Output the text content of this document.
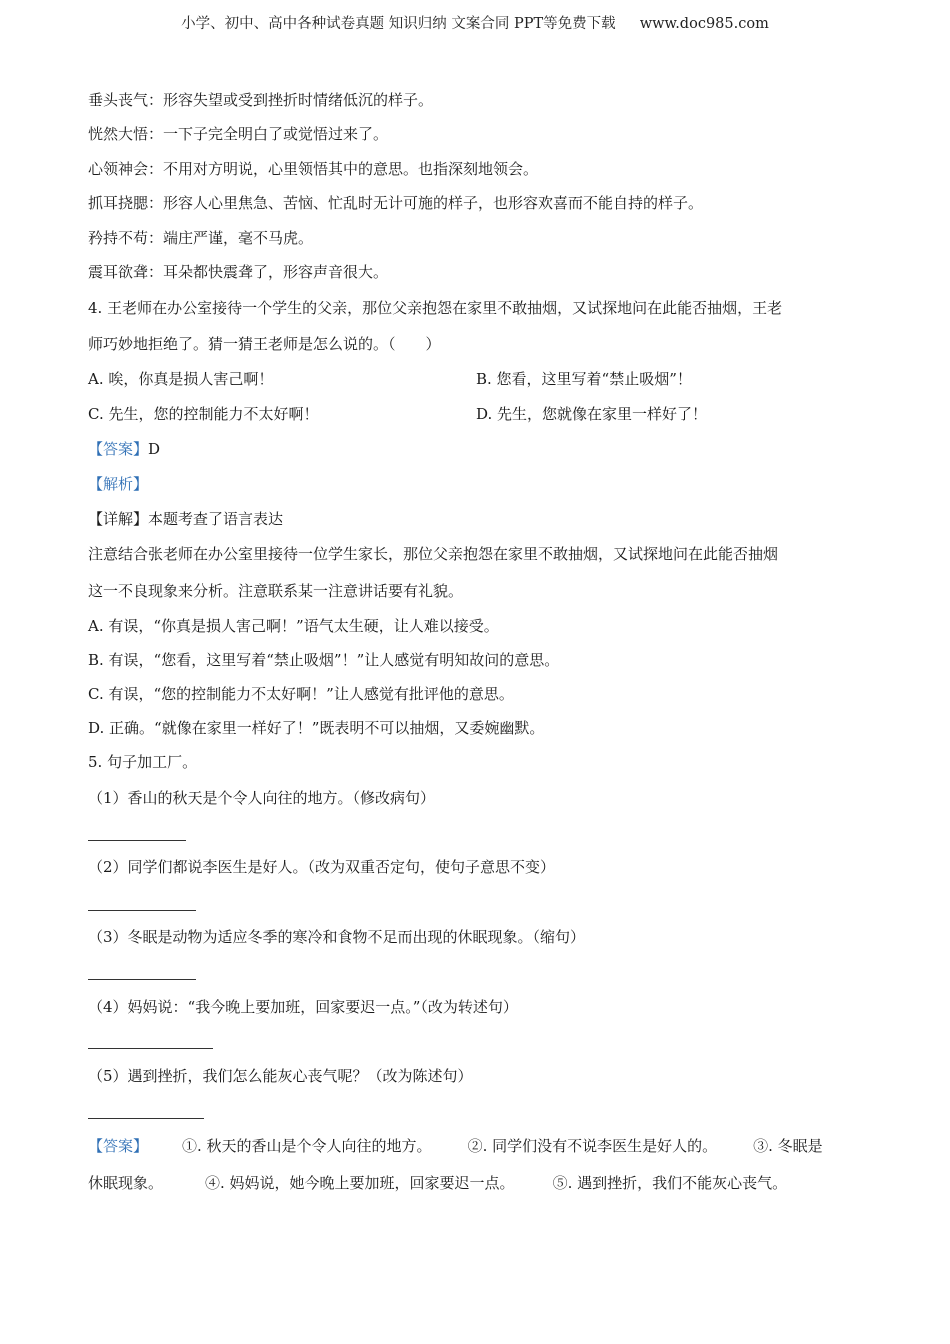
小学、初中、高中各种试卷真题 知识归纳 文案合同 PPT等免费下载 www.doc985.com
垂头丧气：形容失望或受到挫折时情绪低沉的样子。
恍然大悟：一下子完全明白了或觉悟过来了。
心领神会：不用对方明说，心里领悟其中的意思。也指深刻地领会。
抓耳挠腮：形容人心里焦急、苦恼、忙乱时无计可施的样子，也形容欢喜而不能自持的样子。
矜持不苟：端庄严谨，毫不马虎。
震耳欲聋：耳朵都快震聋了，形容声音很大。
4. 王老师在办公室接待一个学生的父亲，那位父亲抱怨在家里不敢抽烟，又试探地问在此能否抽烟，王老
师巧妙地拒绝了。猜一猜王老师是怎么说的。（　　）
A. 唉，你真是损人害己啊！	B. 您看，这里写着“禁止吸烟”！
C. 先生，您的控制能力不太好啊！	D. 先生，您就像在家里一样好了！
【答案】D
【解析】
【详解】本题考查了语言表达
注意结合张老师在办公室里接待一位学生家长，那位父亲抱怨在家里不敢抽烟，又试探地问在此能否抽烟
这一不良现象来分析。注意联系某一注意讲话要有礼貌。
A. 有误，“你真是损人害己啊！”语气太生硬，让人难以接受。
B. 有误，“您看，这里写着“禁止吸烟”！”让人感觉有明知故问的意思。
C. 有误，“您的控制能力不太好啊！”让人感觉有批评他的意思。
D. 正确。“就像在家里一样好了！”既表明不可以抽烟，又委婉幽默。
5. 句子加工厂。
（1）香山的秋天是个令人向往的地方。（修改病句）
（2）同学们都说李医生是好人。（改为双重否定句，使句子意思不变）
（3）冬眠是动物为适应冬季的寒冷和食物不足而出现的休眠现象。（缩句）
（4）妈妈说：“我今晚上要加班，回家要迟一点。”（改为转述句）
（5）遇到挫折，我们怎么能灰心丧气呢？（改为陈述句）
【答案】 ①. 秋天的香山是个令人向往的地方。 ②. 同学们没有不说李医生是好人的。 ③. 冬眠是
休眠现象。	④. 妈妈说，她今晚上要加班，回家要迟一点。	⑤. 遇到挫折，我们不能灰心丧气。
